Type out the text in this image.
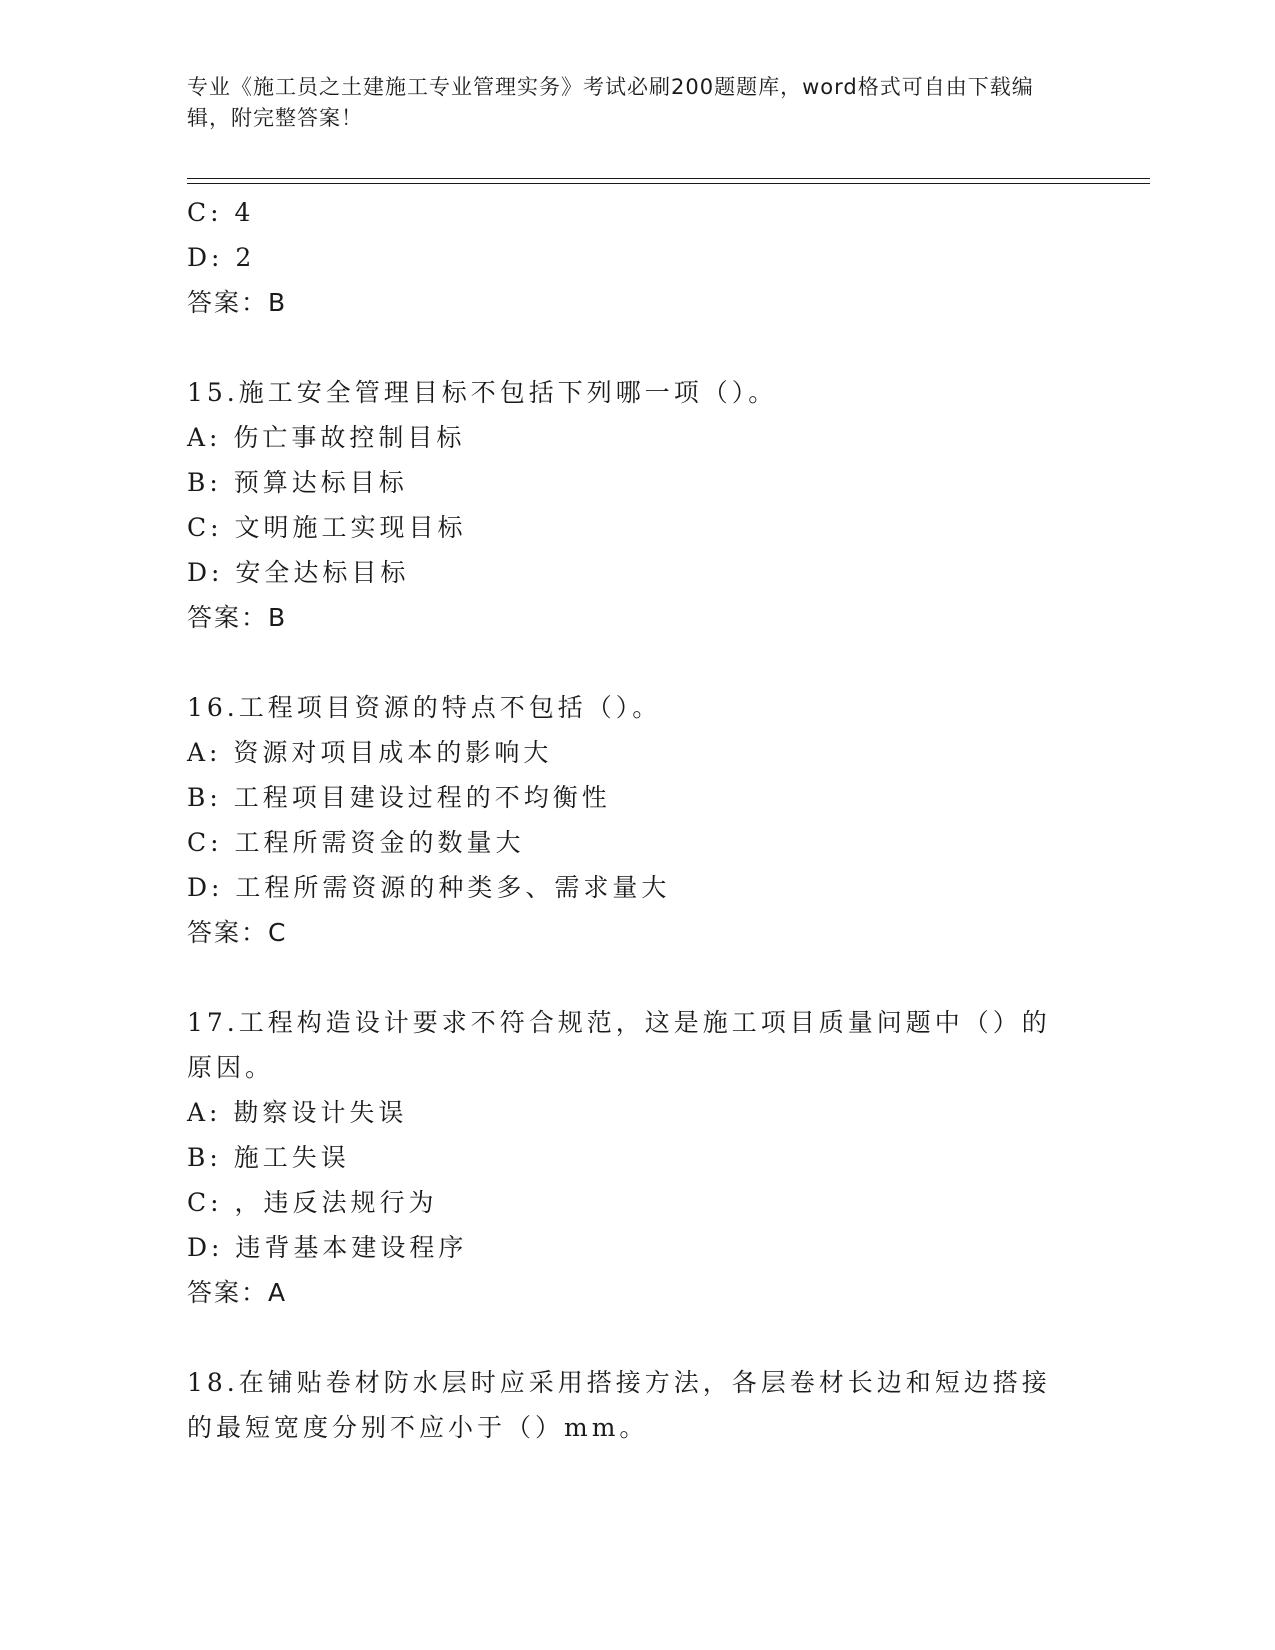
专业《施工员之土建施工专业管理实务》考试必刷200题题库，word格式可自由下载编辑，附完整答案！
C: 4
D: 2
答案：B
15.施工安全管理目标不包括下列哪一项（）。
A: 伤亡事故控制目标
B: 预算达标目标
C: 文明施工实现目标
D: 安全达标目标
答案：B
16.工程项目资源的特点不包括（）。
A: 资源对项目成本的影响大
B: 工程项目建设过程的不均衡性
C: 工程所需资金的数量大
D: 工程所需资源的种类多、需求量大
答案：C
17.工程构造设计要求不符合规范，这是施工项目质量问题中（）的原因。
A: 勘察设计失误
B: 施工失误
C: ，违反法规行为
D: 违背基本建设程序
答案：A
18.在铺贴卷材防水层时应采用搭接方法，各层卷材长边和短边搭接的最短宽度分别不应小于（）mm。
